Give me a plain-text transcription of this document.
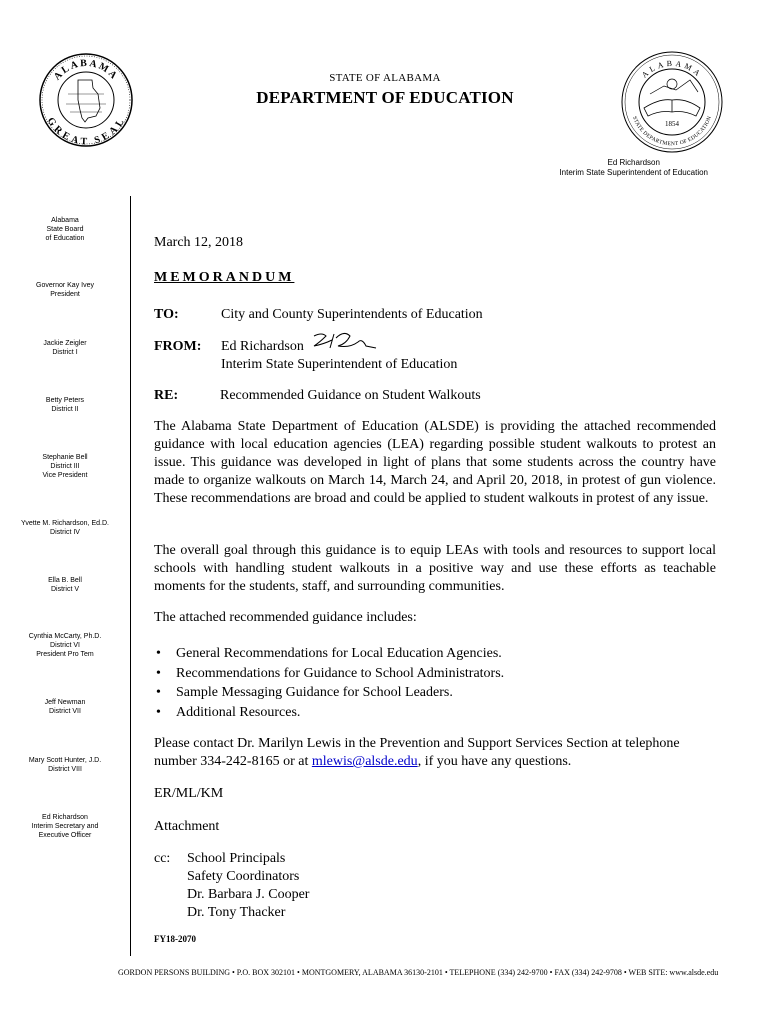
ALABAMA
GREAT SEAL
ALABAMA
STATE DEPARTMENT OF EDUCATION
1854
STATE OF ALABAMA
DEPARTMENT OF EDUCATION
Ed Richardson
Interim State Superintendent of Education
Alabama
State Board
of Education
Governor Kay Ivey
President
Jackie Zeigler
District I
Betty Peters
District II
Stephanie Bell
District III
Vice President
Yvette M. Richardson, Ed.D.
District IV
Ella B. Bell
District V
Cynthia McCarty, Ph.D.
District VI
President Pro Tem
Jeff Newman
District VII
Mary Scott Hunter, J.D.
District VIII
Ed Richardson
Interim Secretary and
Executive Officer
March 12, 2018
MEMORANDUM
TO:	City and County Superintendents of Education
FROM: Ed Richardson
Interim State Superintendent of Education
RE:	Recommended Guidance on Student Walkouts
The Alabama State Department of Education (ALSDE) is providing the attached recommended guidance with local education agencies (LEA) regarding possible student walkouts to protest an issue. This guidance was developed in light of plans that some students across the country have made to organize walkouts on March 14, March 24, and April 20, 2018, in protest of gun violence. These recommendations are broad and could be applied to student walkouts in protest of any issue.
The overall goal through this guidance is to equip LEAs with tools and resources to support local schools with handling student walkouts in a positive way and use these efforts as teachable moments for the students, staff, and surrounding communities.
The attached recommended guidance includes:
• General Recommendations for Local Education Agencies.
• Recommendations for Guidance to School Administrators.
• Sample Messaging Guidance for School Leaders.
• Additional Resources.
Please contact Dr. Marilyn Lewis in the Prevention and Support Services Section at telephone number 334-242-8165 or at mlewis@alsde.edu, if you have any questions.
ER/ML/KM
Attachment
cc: School Principals
Safety Coordinators
Dr. Barbara J. Cooper
Dr. Tony Thacker
FY18-2070
GORDON PERSONS BUILDING • P.O. BOX 302101 • MONTGOMERY, ALABAMA 36130-2101 • TELEPHONE (334) 242-9700 • FAX (334) 242-9708 • WEB SITE: www.alsde.edu
